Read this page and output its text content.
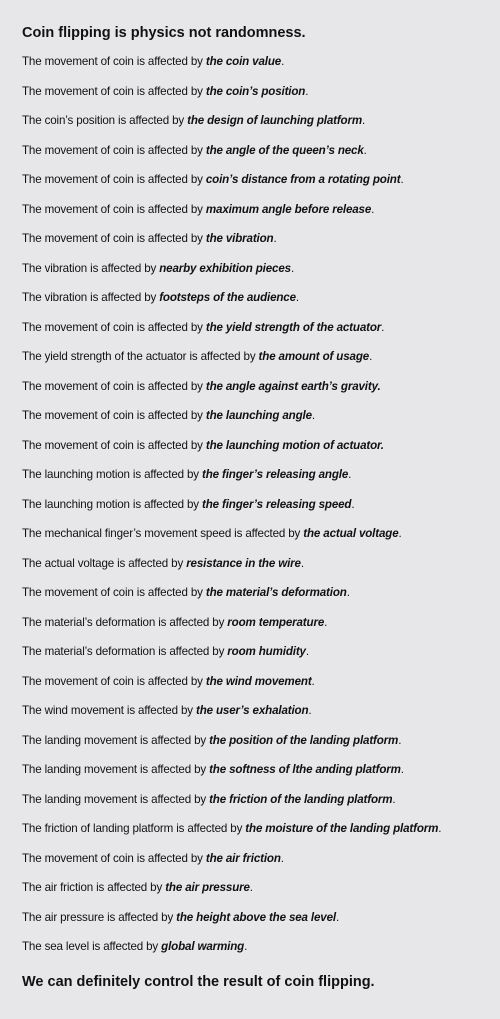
Coin flipping is physics not randomness.
The movement of coin is affected by the coin value.
The movement of coin is affected by the coin’s position.
The coin’s position is affected by the design of launching platform.
The movement of coin is affected by the angle of the queen’s neck.
The movement of coin is affected by coin’s distance from a rotating point.
The movement of coin is affected by maximum angle before release.
The movement of coin is affected by the vibration.
The vibration is affected by nearby exhibition pieces.
The vibration is affected by footsteps of the audience.
The movement of coin is affected by the yield strength of the actuator.
The yield strength of the actuator is affected by the amount of usage.
The movement of coin is affected by the angle against earth’s gravity.
The movement of coin is affected by the launching angle.
The movement of coin is affected by the launching motion of actuator.
The launching motion is affected by the finger’s releasing angle.
The launching motion is affected by the finger’s releasing speed.
The mechanical finger’s movement speed is affected by the actual voltage.
The actual voltage is affected by resistance in the wire.
The movement of coin is affected by the material’s deformation.
The material’s deformation is affected by room temperature.
The material’s deformation is affected by room humidity.
The movement of coin is affected by the wind movement.
The wind movement is affected by the user’s exhalation.
The landing movement is affected by the position of the landing platform.
The landing movement is affected by the softness of lthe anding platform.
The landing movement is affected by the friction of the landing platform.
The friction of landing platform is affected by the moisture of the landing platform.
The movement of coin is affected by the air friction.
The air friction is affected by the air pressure.
The air pressure is affected by the height above the sea level.
The sea level is affected by global warming.
We can definitely control the result of coin flipping.
